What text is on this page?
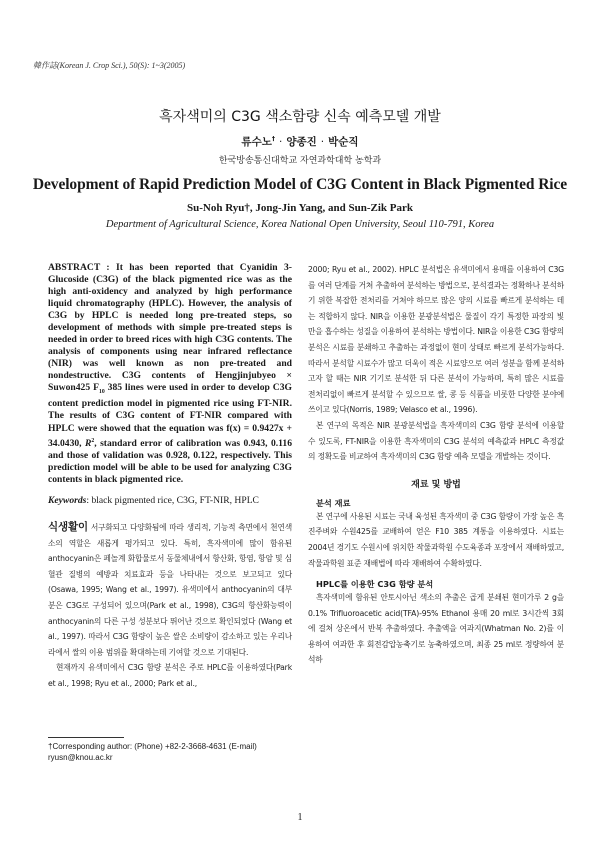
韓作誌(Korean J. Crop Sci.), 50(S): 1~3(2005)
흑자색미의 C3G 색소함량 신속 예측모델 개발
류수노† · 양종진 · 박순직
한국방송통신대학교 자연과학대학 농학과
Development of Rapid Prediction Model of C3G Content in Black Pigmented Rice
Su-Noh Ryu†, Jong-Jin Yang, and Sun-Zik Park
Department of Agricultural Science, Korea National Open University, Seoul 110-791, Korea

ABSTRACT : It has been reported that Cyanidin 3-Glucoside (C3G) of the black pigmented rice was as the high anti-oxidency and analyzed by high performance liquid chromatography (HPLC). However, the analysis of C3G by HPLC is needed long pre-treated steps, so development of methods with simple pre-treated steps is needed in order to breed rices with high C3G contents. The analysis of components using near infrared reflectance (NIR) was well known as non pre-treated and nondestructive. C3G contents of Hengjinjubyeo × Suwon425 $F_{10}$ 385 lines were used in order to develop C3G content prediction model in pigmented rice using FT-NIR. The results of C3G content of FT-NIR compared with HPLC were showed that the equation was f(x) = 0.9427x + 34.0430, $R^2$, standard error of calibration was 0.943, 0.116 and those of validation was 0.928, 0.122, respectively. This prediction model will be able to be used for analyzing C3G contents in black pigmented rice.

Keywords: black pigmented rice, C3G, FT-NIR, HPLC

식생활이 서구화되고 다양화됨에 따라 생리적, 기능적 측면에서 천연색소의 역할은 새롭게 평가되고 있다. 특히, 흑자색미에 많이 함유된 anthocyanin은 페놀계 화합물로서 동물체내에서 항산화, 항염, 항암 및 심혈관 질병의 예방과 치료효과 등을 나타내는 것으로 보고되고 있다 (Osawa, 1995; Wang et al., 1997). 유색미에서 anthocyanin의 대부분은 C3G로 구성되어 있으며(Park et al., 1998), C3G의 항산화능력이 anthocyanin의 다른 구성 성분보다 뛰어난 것으로 확인되었다 (Wang et al., 1997). 따라서 C3G 함량이 높은 쌀은 소비량이 감소하고 있는 우리나라에서 쌀의 이용 범위를 확대하는데 기여할 것으로 기대된다.

현재까지 유색미에서 C3G 함량 분석은 주로 HPLC를 이용하였다(Park et al., 1998; Ryu et al., 2000; Park et al.,

†Corresponding author: (Phone) +82-2-3668-4631 (E-mail) ryusn@knou.ac.kr

2000; Ryu et al., 2002). HPLC 분석법은 유색미에서 용매를 이용하여 C3G를 여러 단계를 거쳐 추출하여 분석하는 방법으로, 분석결과는 정확하나 분석하기 위한 복잡한 전처리를 거쳐야 하므로 많은 양의 시료를 빠르게 분석하는 데는 적합하지 않다. NIR을 이용한 분광분석법은 물질이 각기 특정한 파장의 빛만을 흡수하는 성질을 이용하여 분석하는 방법이다. NIR을 이용한 C3G 함량의 분석은 시료를 분쇄하고 추출하는 과정없이 현미 상태로 빠르게 분석가능하다. 따라서 분석할 시료수가 많고 더욱이 적은 시료양으로 여러 성분을 함께 분석하고자 할 때는 NIR 기기로 분석한 뒤 다른 분석이 가능하며, 특히 많은 시료를 전처리없이 빠르게 분석할 수 있으므로 쌀, 콩 등 식품을 비롯한 다양한 분야에 쓰이고 있다(Norris, 1989; Velasco et al., 1996).

본 연구의 목적은 NIR 분광분석법을 흑자색미의 C3G 함량 분석에 이용할 수 있도록, FT-NIR을 이용한 흑자색미의 C3G 분석의 예측값과 HPLC 측정값의 정확도를 비교하여 흑자색미의 C3G 함량 예측 모델을 개발하는 것이다.

재료 및 방법
분석 재료

본 연구에 사용된 시료는 국내 육성된 흑자색미 중 C3G 함량이 가장 높은 흑진주벼와 수원425를 교배하여 얻은 F10 385 계통을 이용하였다. 시료는 2004년 경기도 수원시에 위치한 작물과학원 수도육종과 포장에서 재배하였고, 작물과학원 표준 재배법에 따라 재배하여 수확하였다.

HPLC를 이용한 C3G 함량 분석

흑자색미에 함유된 안토시아닌 색소의 추출은 곱게 분쇄된 현미가루 2 g을 0.1% Trifluoroacetic acid(TFA)-95% Ethanol 용매 20 ml로 3시간씩 3회에 걸쳐 상온에서 반복 추출하였다. 추출액을 여과지(Whatman No. 2)를 이용하여 여과한 후 회전감압농축기로 농축하였으며, 최종 25 ml로 정량하여 분석하

1
